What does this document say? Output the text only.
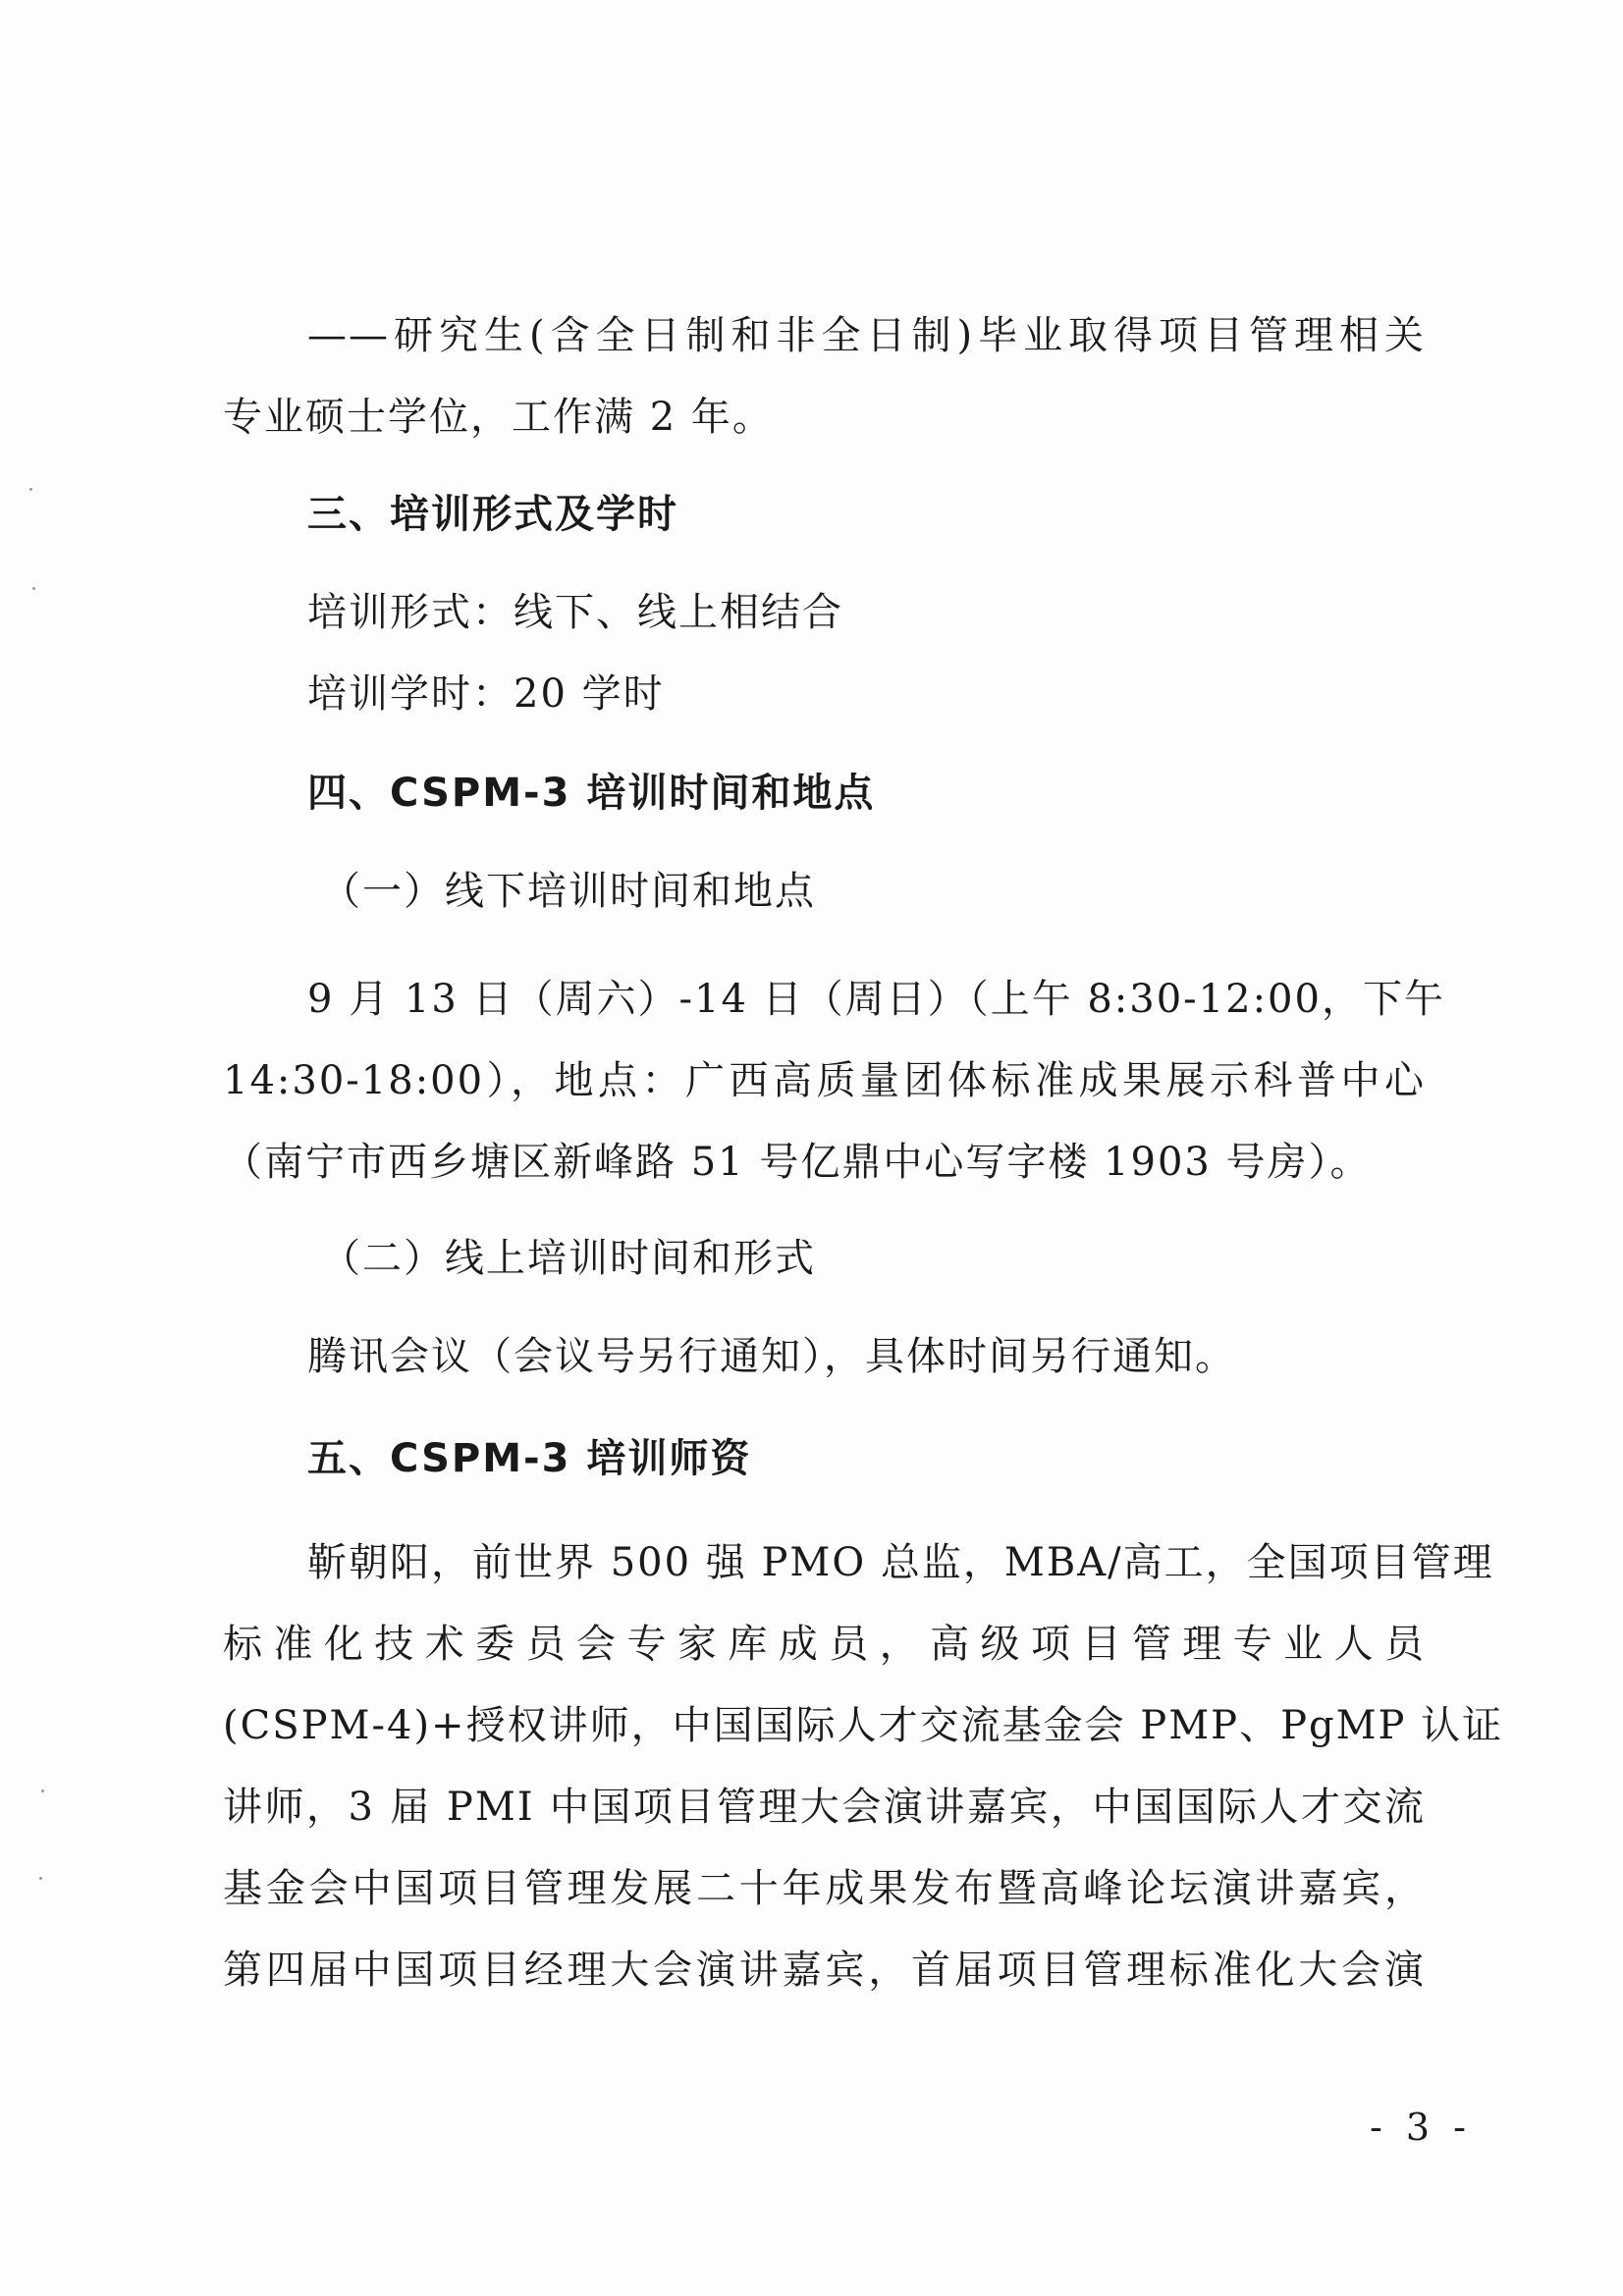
——研究生(含全日制和非全日制)毕业取得项目管理相关
专业硕士学位，工作满 2 年。
三、培训形式及学时
培训形式：线下、线上相结合
培训学时：20 学时
四、CSPM-3 培训时间和地点
（一）线下培训时间和地点
9 月 13 日（周六）-14 日（周日）（上午 8:30-12:00，下午
14:30-18:00），地点：广西高质量团体标准成果展示科普中心
（南宁市西乡塘区新峰路 51 号亿鼎中心写字楼 1903 号房）。
（二）线上培训时间和形式
腾讯会议（会议号另行通知），具体时间另行通知。
五、CSPM-3 培训师资
靳朝阳，前世界 500 强 PMO 总监，MBA/高工，全国项目管理
标准化技术委员会专家库成员，高级项目管理专业人员
(CSPM-4)+授权讲师，中国国际人才交流基金会 PMP、PgMP 认证
讲师，3 届 PMI 中国项目管理大会演讲嘉宾，中国国际人才交流
基金会中国项目管理发展二十年成果发布暨高峰论坛演讲嘉宾，
第四届中国项目经理大会演讲嘉宾，首届项目管理标准化大会演
- 3 -
